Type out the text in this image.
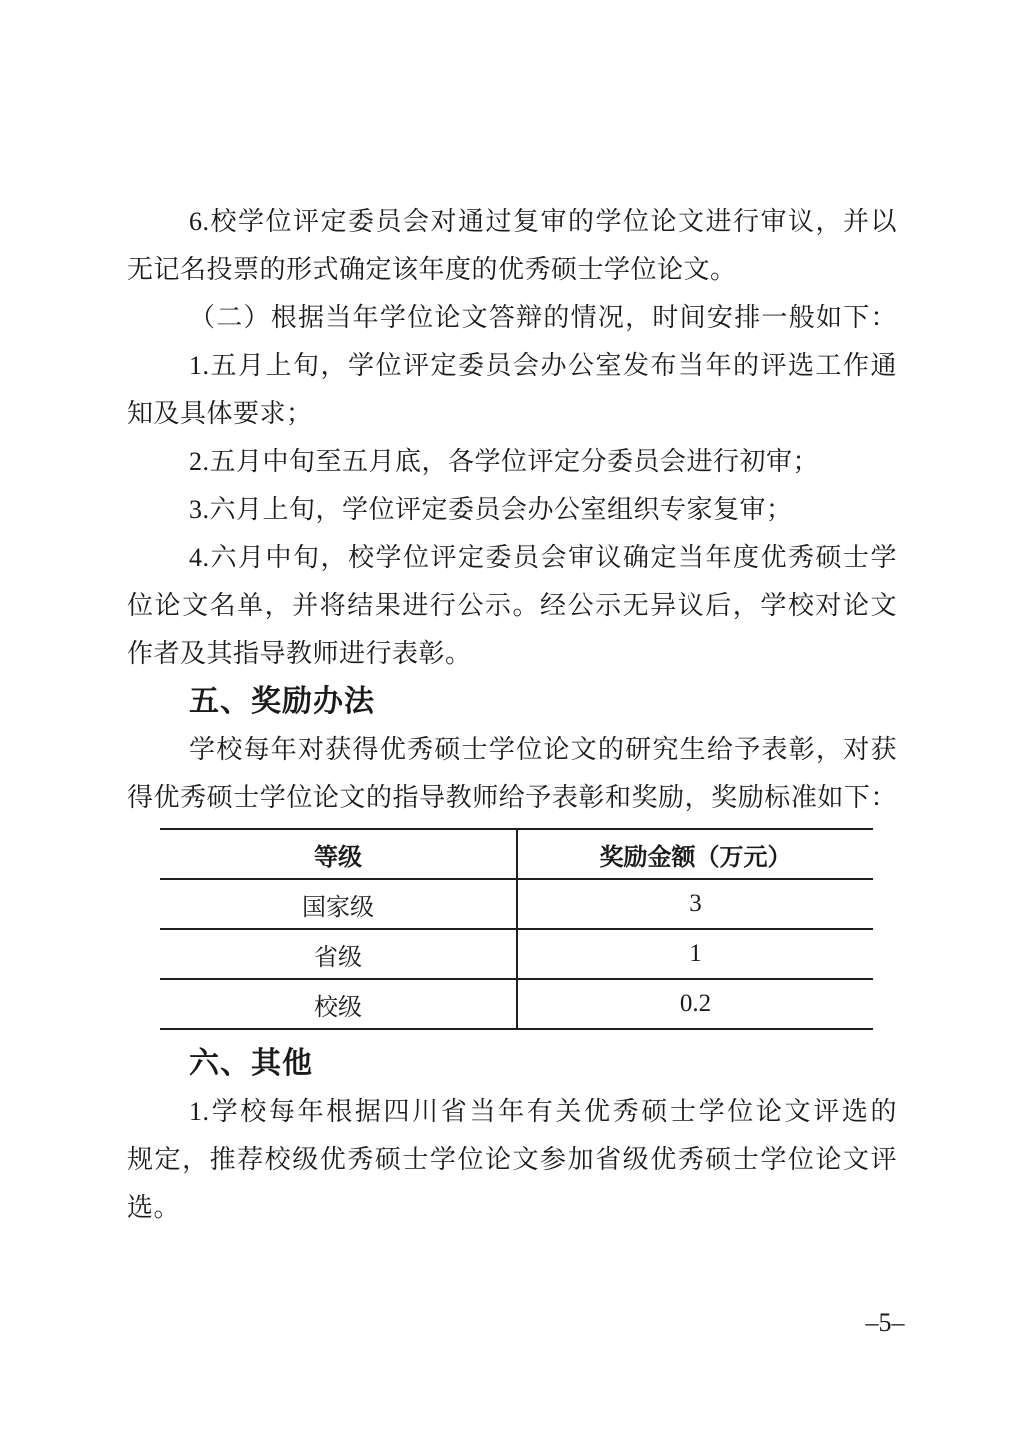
6.校学位评定委员会对通过复审的学位论文进行审议，并以
无记名投票的形式确定该年度的优秀硕士学位论文。
（二）根据当年学位论文答辩的情况，时间安排一般如下：
1.五月上旬，学位评定委员会办公室发布当年的评选工作通
知及具体要求；
2.五月中旬至五月底，各学位评定分委员会进行初审；
3.六月上旬，学位评定委员会办公室组织专家复审；
4.六月中旬，校学位评定委员会审议确定当年度优秀硕士学
位论文名单，并将结果进行公示。经公示无异议后，学校对论文
作者及其指导教师进行表彰。
五、奖励办法
学校每年对获得优秀硕士学位论文的研究生给予表彰，对获
得优秀硕士学位论文的指导教师给予表彰和奖励，奖励标准如下：
等级	奖励金额（万元）
国家级	3
省级	1
校级	0.2
六、其他
1.学校每年根据四川省当年有关优秀硕士学位论文评选的
规定，推荐校级优秀硕士学位论文参加省级优秀硕士学位论文评
选。
–5–
